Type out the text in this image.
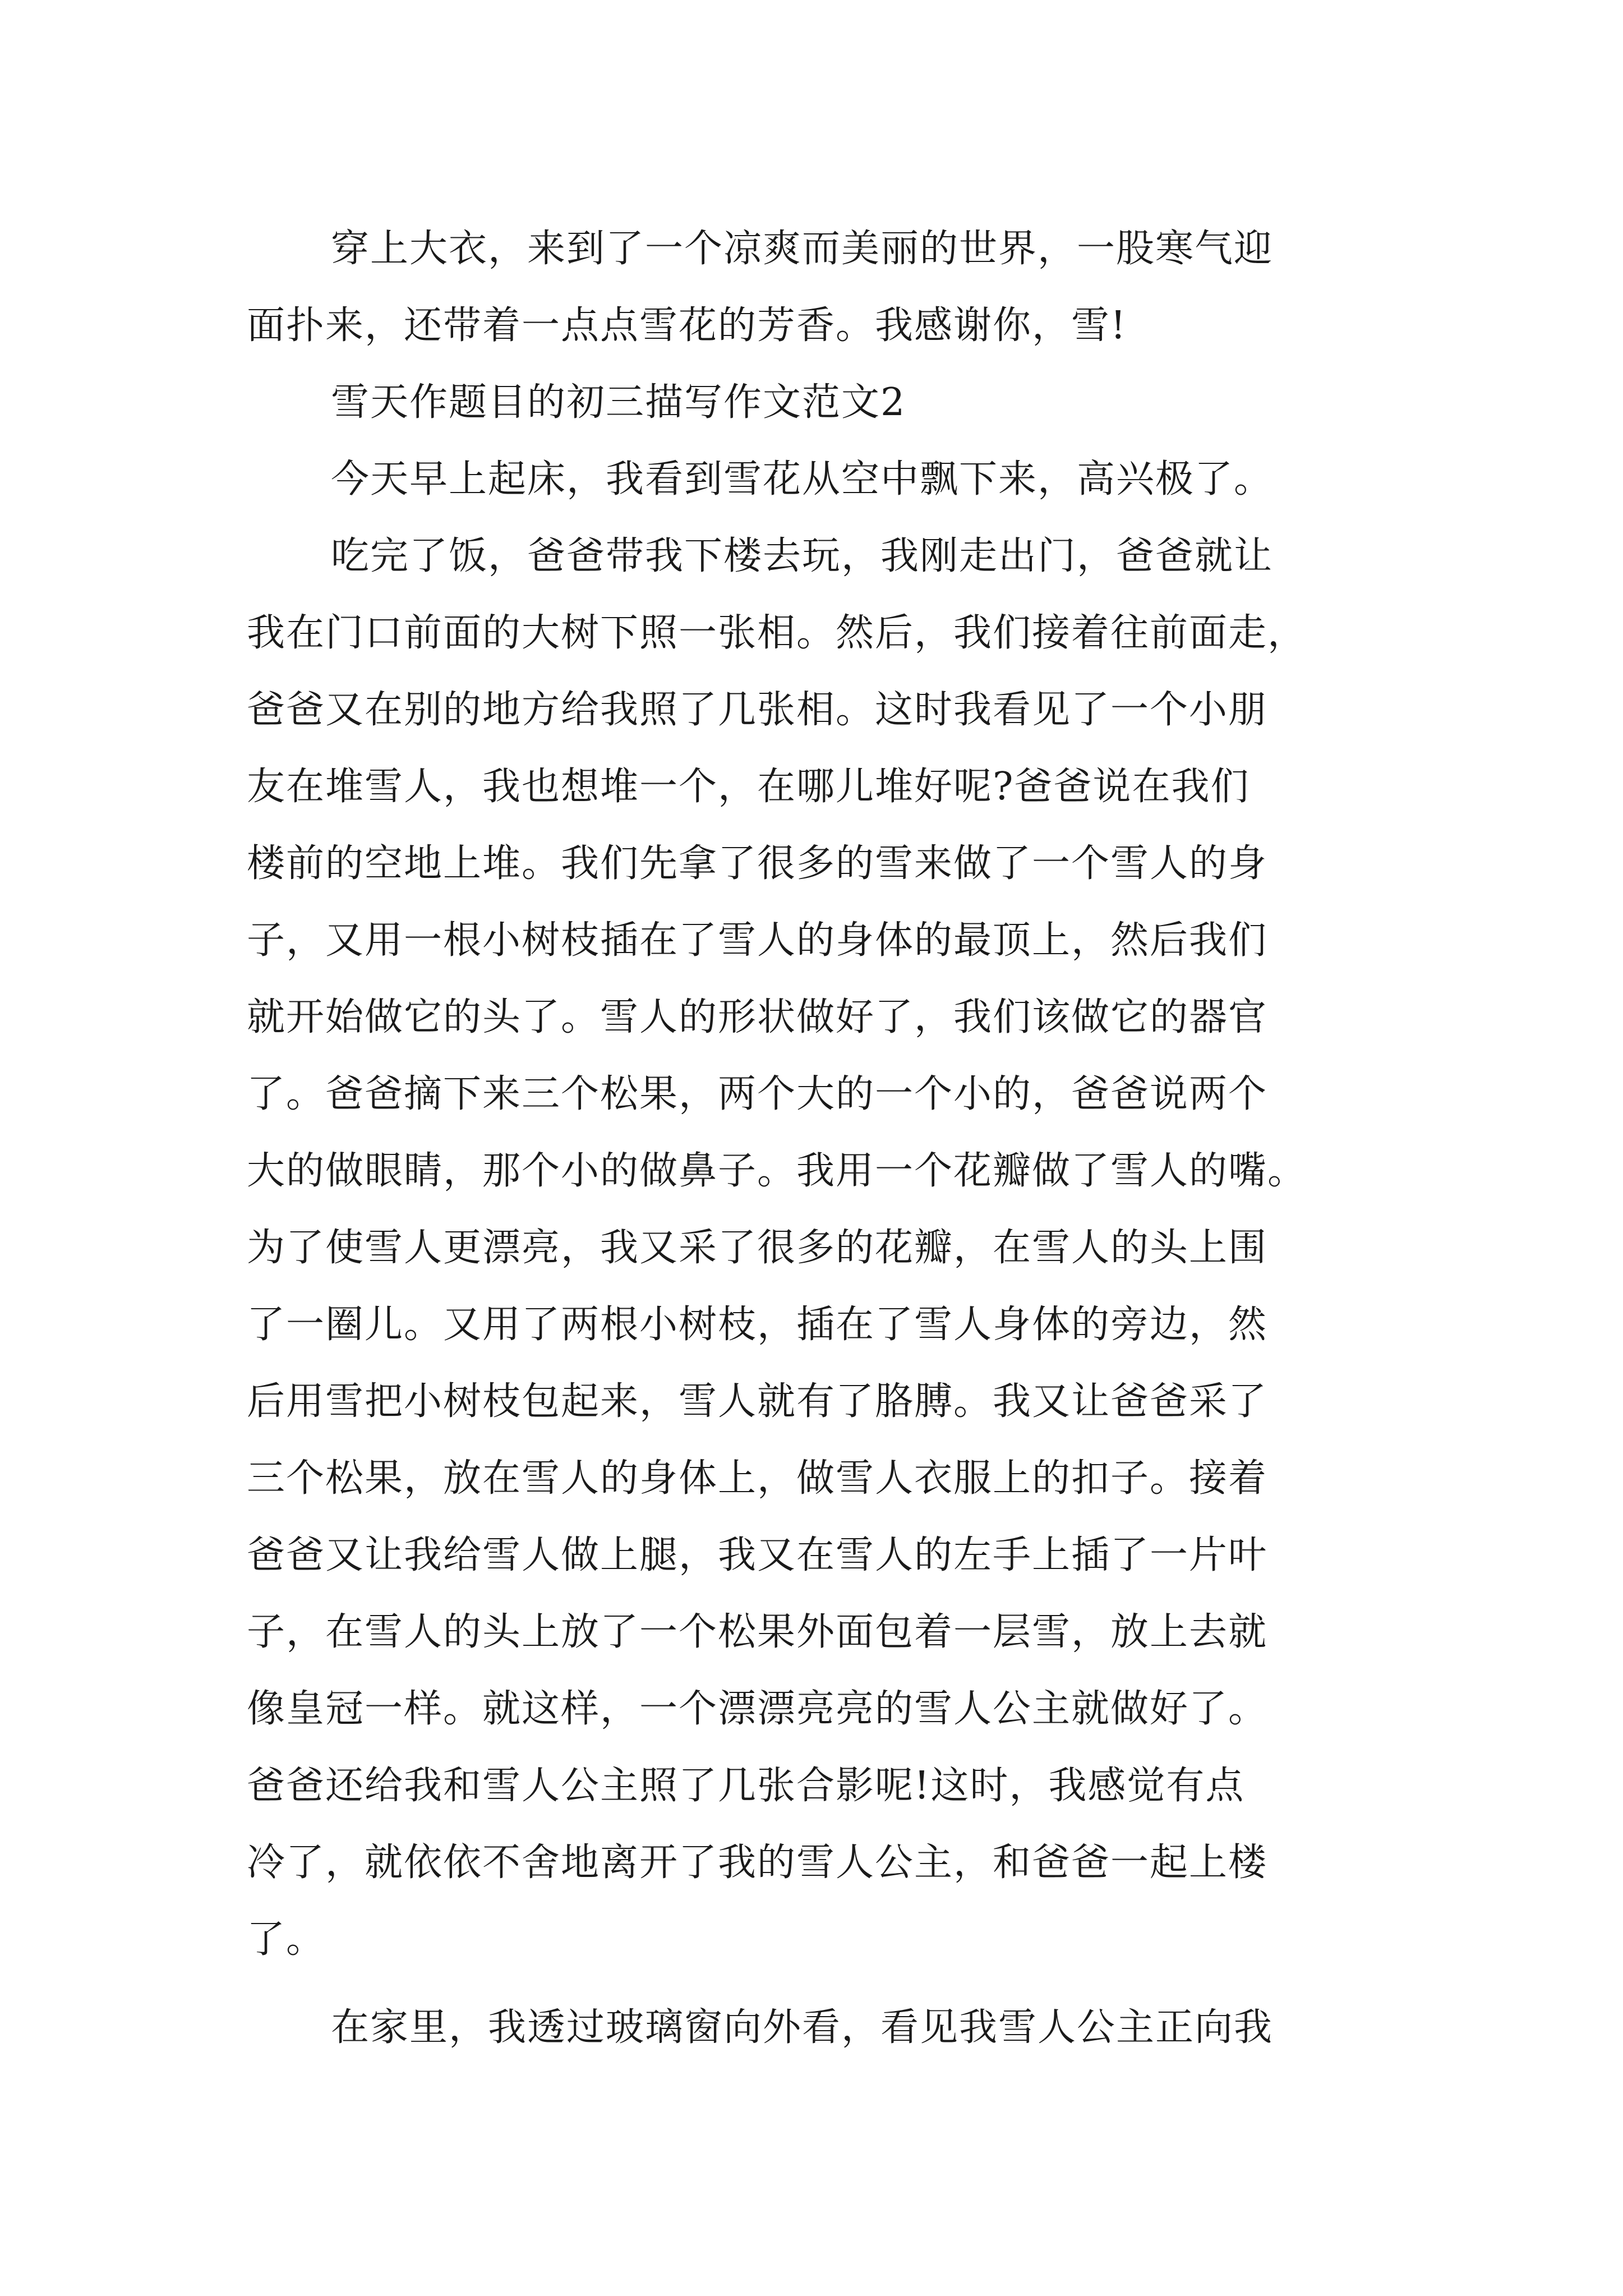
穿上大衣，来到了一个凉爽而美丽的世界，一股寒气迎
面扑来，还带着一点点雪花的芳香。我感谢你，雪!
雪天作题目的初三描写作文范文2
今天早上起床，我看到雪花从空中飘下来，高兴极了。
吃完了饭，爸爸带我下楼去玩，我刚走出门，爸爸就让
我在门口前面的大树下照一张相。然后，我们接着往前面走，
爸爸又在别的地方给我照了几张相。这时我看见了一个小朋
友在堆雪人，我也想堆一个，在哪儿堆好呢?爸爸说在我们
楼前的空地上堆。我们先拿了很多的雪来做了一个雪人的身
子，又用一根小树枝插在了雪人的身体的最顶上，然后我们
就开始做它的头了。雪人的形状做好了，我们该做它的器官
了。爸爸摘下来三个松果，两个大的一个小的，爸爸说两个
大的做眼睛，那个小的做鼻子。我用一个花瓣做了雪人的嘴。
为了使雪人更漂亮，我又采了很多的花瓣，在雪人的头上围
了一圈儿。又用了两根小树枝，插在了雪人身体的旁边，然
后用雪把小树枝包起来，雪人就有了胳膊。我又让爸爸采了
三个松果，放在雪人的身体上，做雪人衣服上的扣子。接着
爸爸又让我给雪人做上腿，我又在雪人的左手上插了一片叶
子，在雪人的头上放了一个松果外面包着一层雪，放上去就
像皇冠一样。就这样，一个漂漂亮亮的雪人公主就做好了。
爸爸还给我和雪人公主照了几张合影呢!这时，我感觉有点
冷了，就依依不舍地离开了我的雪人公主，和爸爸一起上楼
了。
在家里，我透过玻璃窗向外看，看见我雪人公主正向我
